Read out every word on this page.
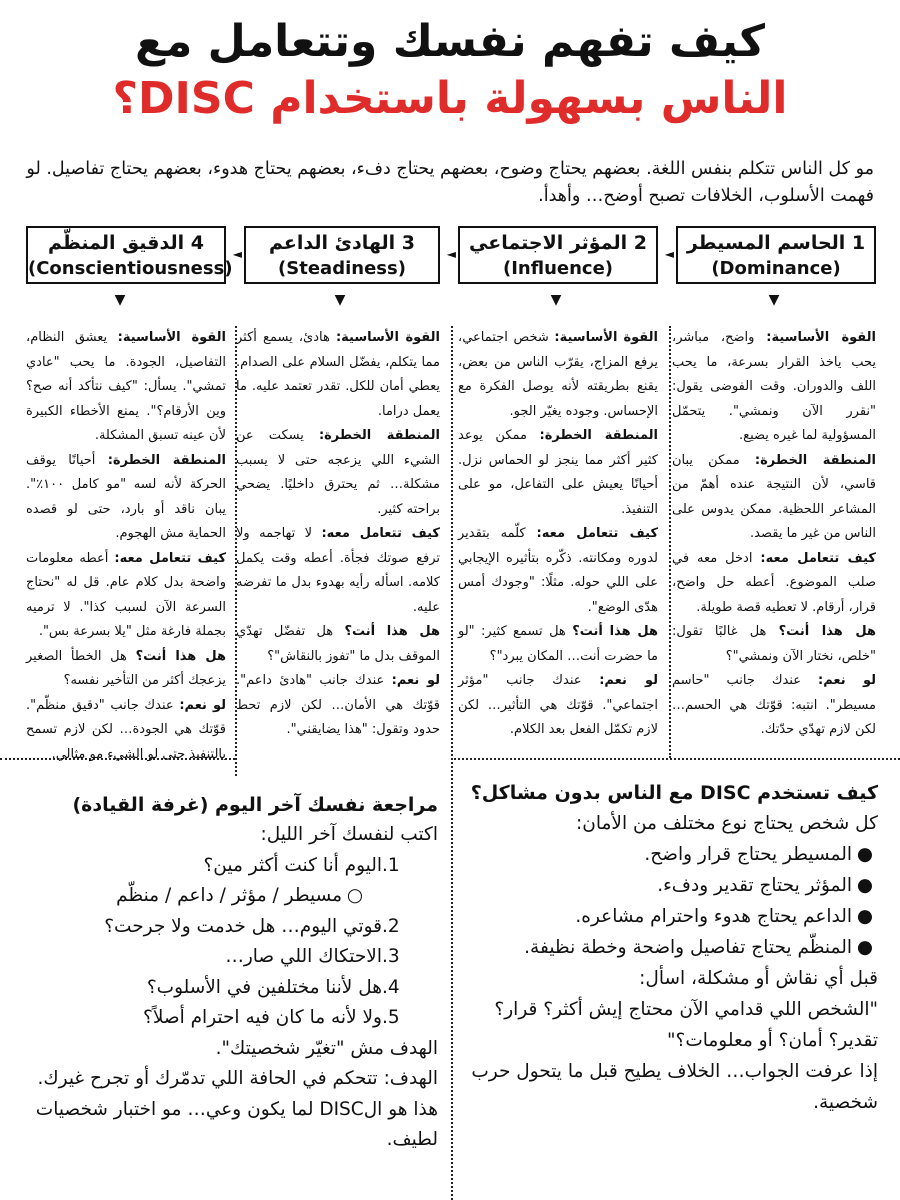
كيف تفهم نفسك وتتعامل مع
الناس بسهولة باستخدام DISC؟

مو كل الناس تتكلم بنفس اللغة. بعضهم يحتاج وضوح، بعضهم يحتاج دفء، بعضهم يحتاج هدوء، بعضهم يحتاج تفاصيل. لو فهمت الأسلوب، الخلافات تصبح أوضح… وأهدأ.

1 الحاسم المسيطر
(Dominance)
2 المؤثر الاجتماعي
(Influence)
3 الهادئ الداعم
(Steadiness)
4 الدقيق المنظّم
(Conscientiousness)
◄
◄
◄
▼
▼
▼
▼

القوة الأساسية: واضح، مباشر، يحب ياخذ القرار بسرعة، ما يحب اللف والدوران. وقت الفوضى يقول: "نقرر الآن ونمشي". يتحمّل المسؤولية لما غيره يضيع.

المنطقة الخطرة: ممكن يبان قاسي، لأن النتيجة عنده أهمّ من المشاعر اللحظية. ممكن يدوس على الناس من غير ما يقصد.

كيف تتعامل معه: ادخل معه في صلب الموضوع. أعطه حل واضح، قرار، أرقام. لا تعطيه قصة طويلة.

هل هذا أنت؟ هل غالبًا تقول: "خلص، نختار الآن ونمشي"؟

لو نعم: عندك جانب "حاسم مسيطر". انتبه: قوّتك هي الحسم… لكن لازم تهدّي حدّتك.

القوة الأساسية: شخص اجتماعي، يرفع المزاج، يقرّب الناس من بعض، يقنع بطريقته لأنه يوصل الفكرة مع الإحساس. وجوده يغيّر الجو.

المنطقة الخطرة: ممكن يوعد كثير أكثر مما ينجز لو الحماس نزل. أحيانًا يعيش على التفاعل، مو على التنفيذ.

كيف تتعامل معه: كلّمه بتقدير لدوره ومكانته. ذكّره بتأثيره الإيجابي على اللي حوله. مثلًا: "وجودك أمس هدّى الوضع".

هل هذا أنت؟ هل تسمع كثير: "لو ما حضرت أنت… المكان يبرد"؟

لو نعم: عندك جانب "مؤثر اجتماعي". قوّتك هي التأثير… لكن لازم تكمّل الفعل بعد الكلام.

القوة الأساسية: هادئ، يسمع أكثر مما يتكلم، يفضّل السلام على الصدام. يعطي أمان للكل. تقدر تعتمد عليه. ما يعمل دراما.

المنطقة الخطرة: يسكت عن الشيء اللي يزعجه حتى لا يسبب مشكلة… ثم يحترق داخليًا. يضحي براحته كثير.

كيف تتعامل معه: لا تهاجمه ولا ترفع صوتك فجأة. أعطه وقت يكمل كلامه. اسأله رأيه بهدوء بدل ما تفرضه عليه.

هل هذا أنت؟ هل تفضّل تهدّي الموقف بدل ما "تفوز بالنقاش"؟

لو نعم: عندك جانب "هادئ داعم". قوّتك هي الأمان… لكن لازم تحط حدود وتقول: "هذا يضايقني".

القوة الأساسية: يعشق النظام، التفاصيل، الجودة. ما يحب "عادي تمشي". يسأل: "كيف نتأكد أنه صح؟ وين الأرقام؟". يمنع الأخطاء الكبيرة لأن عينه تسبق المشكلة.

المنطقة الخطرة: أحيانًا يوقف الحركة لأنه لسه "مو كامل ١٠٠٪". يبان ناقد أو بارد، حتى لو قصده الحماية مش الهجوم.

كيف تتعامل معه: أعطه معلومات واضحة بدل كلام عام. قل له "نحتاج السرعة الآن لسبب كذا". لا ترميه بجملة فارغة مثل "يلا بسرعة بس".

هل هذا أنت؟ هل الخطأ الصغير يزعجك أكثر من التأخير نفسه؟

لو نعم: عندك جانب "دقيق منظّم". قوّتك هي الجودة… لكن لازم تسمح بالتنفيذ حتى لو الشيء مو مثالي.

كيف تستخدم DISC مع الناس بدون مشاكل؟

كل شخص يحتاج نوع مختلف من الأمان:

●
المسيطر يحتاج قرار واضح.
●
المؤثر يحتاج تقدير ودفء.
●
الداعم يحتاج هدوء واحترام مشاعره.
●
المنظّم يحتاج تفاصيل واضحة وخطة نظيفة.

قبل أي نقاش أو مشكلة، اسأل:

"الشخص اللي قدامي الآن محتاج إيش أكثر؟ قرار؟ تقدير؟ أمان؟ أو معلومات؟"

إذا عرفت الجواب… الخلاف يطيح قبل ما يتحول حرب شخصية.

مراجعة نفسك آخر اليوم (غرفة القيادة)

اكتب لنفسك آخر الليل:

1.
اليوم أنا كنت أكثر مين؟
○
مسيطر / مؤثر / داعم / منظّم
2.
قوتي اليوم… هل خدمت ولا جرحت؟
3.
الاحتكاك اللي صار…
4.
هل لأننا مختلفين في الأسلوب؟
5.
ولا لأنه ما كان فيه احترام أصلاً؟

الهدف مش "تغيّر شخصيتك".

الهدف: تتحكم في الحافة اللي تدمّرك أو تجرح غيرك.

هذا هو الDISC لما يكون وعي… مو اختبار شخصيات لطيف.
